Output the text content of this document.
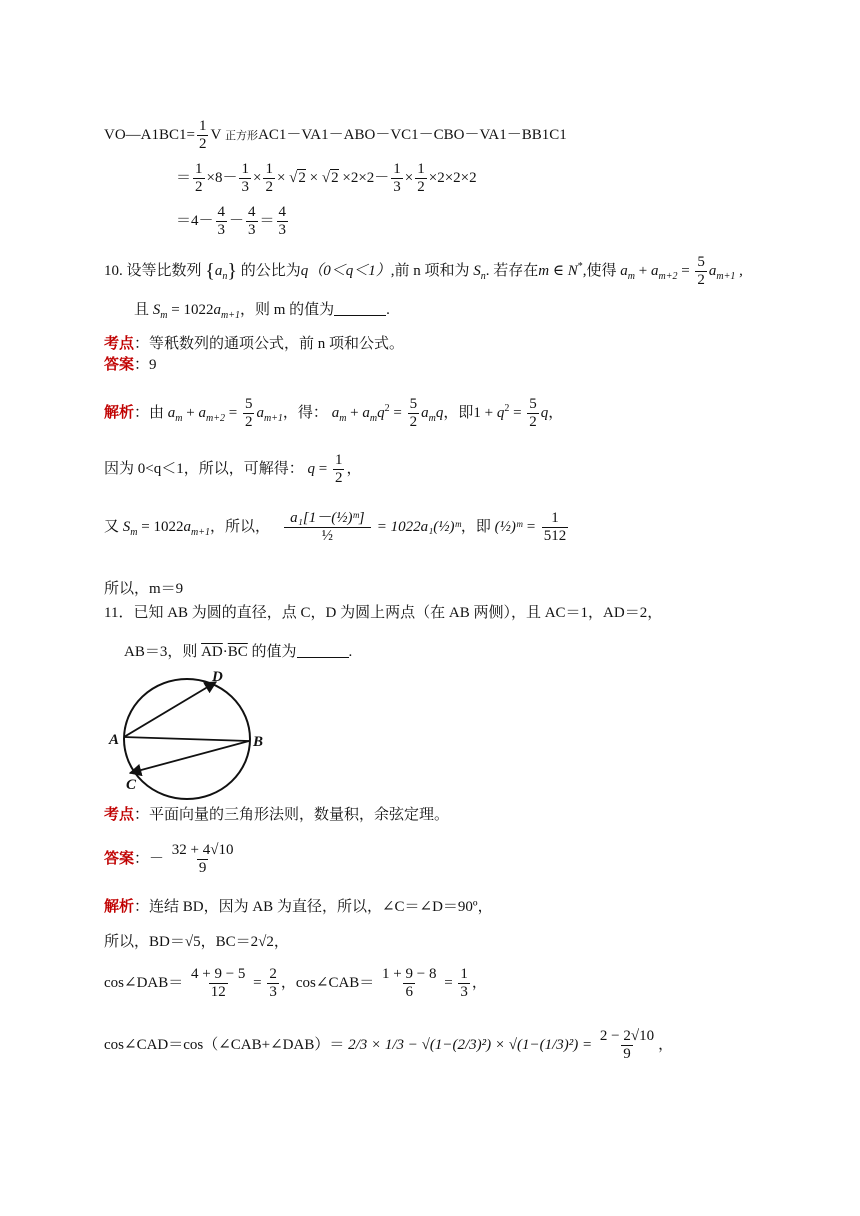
VO—A1BC1= $\frac{1}{2}$ V 正方形AC1－VA1－ABO－VC1－CBO－VA1－BB1C1
＝ $\frac{1}{2} \times 8- \frac{1}{3} \times \frac{1}{2} \times √2 \times √2 \times 2\times 2- \frac{1}{3} \times \frac{1}{2} \times 2\times 2\times 2$
$=4- \frac{4}{3} - \frac{4}{3} = \frac{4}{3}$
10. 设等比数列 $\{a_n\}$ 的公比为q（0＜q＜1）,前 n 项和为 $S_n$. 若存在m ∈ N*,使得 $a_m + a_{m+2} = \frac{5}{2} a_{m+1}$ ,
且 $S_m = 1022a_{m+1}$，则 m 的值为	.
考点：等秖数列的通项公式，前 n 项和公式。
答案：9
解析：由 $a_m + a_{m+2} = \frac{5}{2} a_{m+1}$，得： $a_m + a_mq^2 = \frac{5}{2} a_mq$，即$1 + q^2 = \frac{5}{2}$ q，
因为 0<q＜1，所以，可解得： $q = \frac{1}{2}$ ，
又 $S_m = 1022a_{m+1}$，所以， $\frac{\text{a₁[1－(½)ᵐ]}}{\text{½}}$ = 1022a₁(½)ᵐ，即 (½)ᵐ = $\frac{1}{512}$
所以，m＝9
11．已知 AB 为圆的直径，点 C，D 为圆上两点（在 AB 两侧），且 AC＝1，AD＝2，
AB＝3，则 $\overline{AD}\cdot\overline{BC}$ 的值为	.
A	B
C
D
考点：平面向量的三角形法则，数量积，余弦定理。
答案：－ $\frac{32 + 4√10}{9}$
解析：连结 BD，因为 AB 为直径，所以，∠C＝∠D＝90º，
所以，BD＝√5，BC＝2√2，
cos∠DAB＝ $\frac{4 + 9 - 5}{12} = \frac{2}{3}$ ，cos∠CAB＝ $\frac{1 + 9 - 8}{6} = \frac{1}{3}$ ，
cos∠CAD＝cos（∠CAB+∠DAB）＝ $2/3 \times 1/3 - √(1-(2/3)^2) \times √(1-(1/3)^2) = \frac{2 - 2√10}{9}$ ，
